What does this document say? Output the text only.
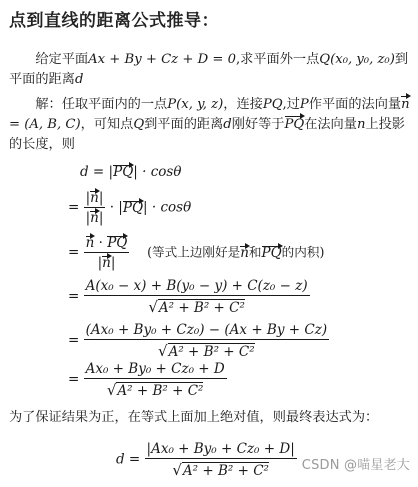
点到直线的距离公式推导：
  给定平面Ax + By + Cz + D = 0,求平面外一点Q(x₀, y₀, z₀)到平面的距离d
  解：任取平面内的一点P(x, y, z)，连接PQ,过P作平面的法向量n = (A, B, C)，可知点Q到平面的距离d刚好等于PQ在法向量n上投影的长度，则
d = |PQ| · cosθ
= $\frac{|n|}{|n|} \cdot |PQ| \cdot \cos\theta$
= $\frac{n \cdot PQ}{|n|}$
  (等式上边刚好是n和PQ的内积)
= $\frac{\text{A(x₀ − x) + B(y₀ − y) + C(z₀ − z)}}{\text{√A² + B² + C²}}$
= $\frac{\text{(Ax₀ + By₀ + Cz₀) − (Ax + By + Cz)}}{\text{√A² + B² + C²}}$
= $\frac{\text{Ax₀ + By₀ + Cz₀ + D}}{\text{√A² + B² + C²}}$
为了保证结果为正，在等式上面加上绝对值，则最终表达式为：
$d = \frac{\text{|Ax₀ + By₀ + Cz₀ + D|}}{\text{√A² + B² + C²}}$ CSDN @喵星老大
